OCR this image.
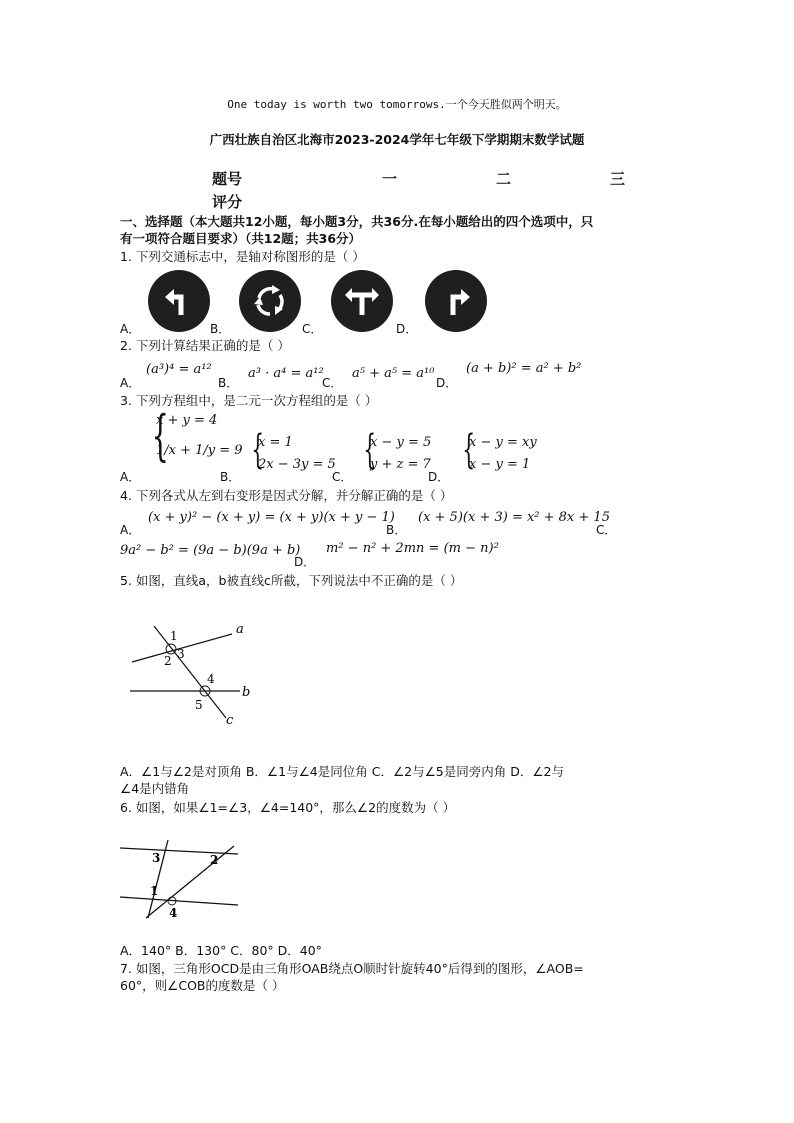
One today is worth two tomorrows.一个今天胜似两个明天。
广西壮族自治区北海市2023-2024学年七年级下学期期末数学试题
题号	一	二	三
评分
一、选择题（本大题共12小题，每小题3分，共36分.在每小题给出的四个选项中，只
有一项符合题目要求）（共12题；共36分）
1. 下列交通标志中，是轴对称图形的是（ ）
A．	B．	C．	D．
2. 下列计算结果正确的是（ ）
A．
(a³)⁴ = a¹²
B．
a³ · a⁴ = a¹²
C．
a⁵ + a⁵ = a¹⁰
D．
(a + b)² = a² + b²
3. 下列方程组中，是二元一次方程组的是（ ）
{
x + y = 4
1/x + 1/y = 9 {
x = 1
2x − 3y = 5 {
x − y = 5
y + z = 7 {
x − y = xy
x − y = 1
A．	B．	C．	D．
4. 下列各式从左到右变形是因式分解，并分解正确的是（ ）
A．
(x + y)² − (x + y) = (x + y)(x + y − 1)
B．
(x + 5)(x + 3) = x² + 8x + 15
C．
9a² − b² = (9a − b)(9a + b)
D．
m² − n² + 2mn = (m − n)²
5. 如图，直线a，b被直线c所截，下列说法中不正确的是（ ）
a
b
c
1
2 3
4
5
A．∠1与∠2是对顶角 B．∠1与∠4是同位角 C．∠2与∠5是同旁内角 D．∠2与
∠4是内错角
6. 如图，如果∠1=∠3，∠4=140°，那么∠2的度数为（ ）
3	2
1
4
A．140° B．130° C．80° D．40°
7. 如图，三角形OCD是由三角形OAB绕点O顺时针旋转40°后得到的图形，∠AOB=
60°，则∠COB的度数是（ ）
